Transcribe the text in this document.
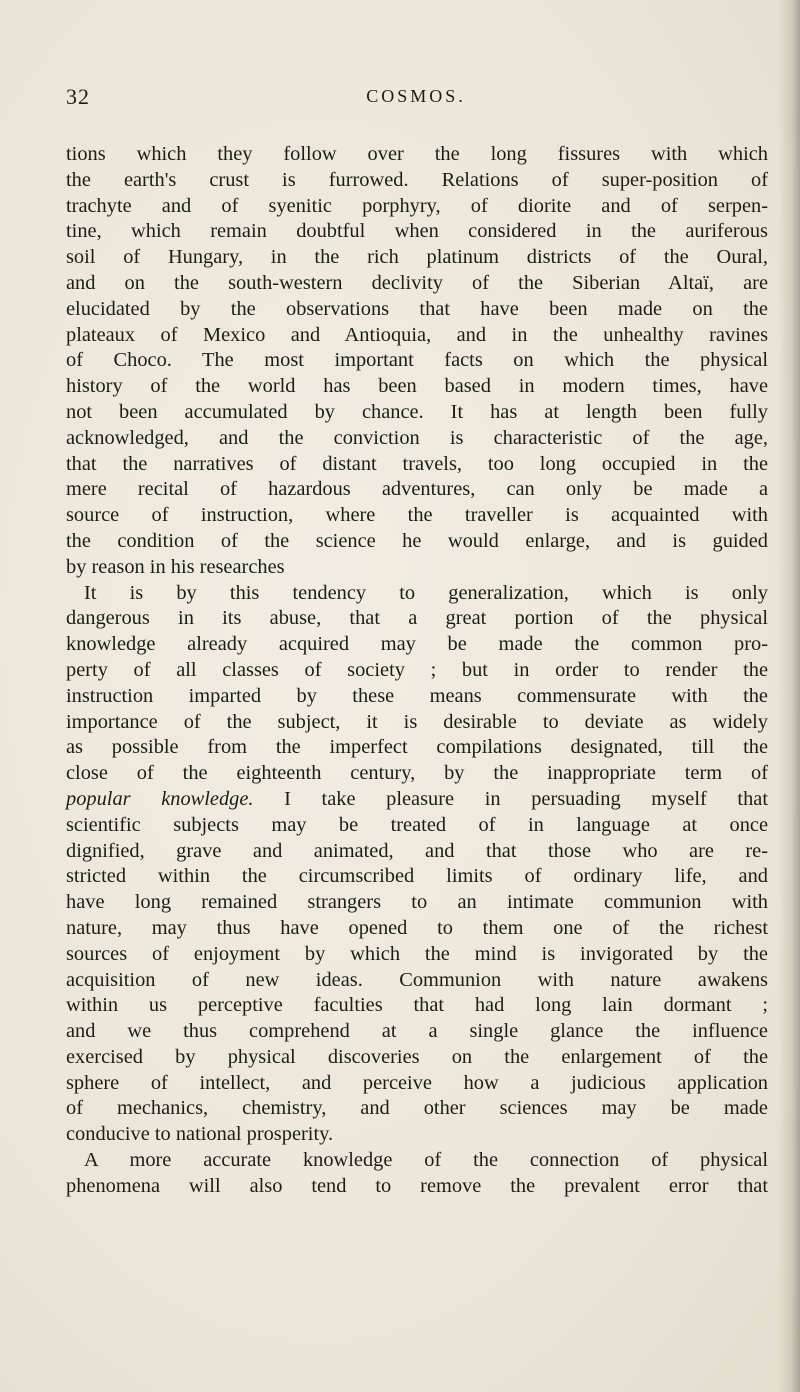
32	COSMOS.
tions which they follow over the long fissures with which
the earth's crust is furrowed. Relations of super-position of
trachyte and of syenitic porphyry, of diorite and of serpen-
tine, which remain doubtful when considered in the auriferous
soil of Hungary, in the rich platinum districts of the Oural,
and on the south-western declivity of the Siberian Altaï, are
elucidated by the observations that have been made on the
plateaux of Mexico and Antioquia, and in the unhealthy ravines
of Choco. The most important facts on which the physical
history of the world has been based in modern times, have
not been accumulated by chance. It has at length been fully
acknowledged, and the conviction is characteristic of the age,
that the narratives of distant travels, too long occupied in the
mere recital of hazardous adventures, can only be made a
source of instruction, where the traveller is acquainted with
the condition of the science he would enlarge, and is guided
by reason in his researches
It is by this tendency to generalization, which is only
dangerous in its abuse, that a great portion of the physical
knowledge already acquired may be made the common pro-
perty of all classes of society ; but in order to render the
instruction imparted by these means commensurate with the
importance of the subject, it is desirable to deviate as widely
as possible from the imperfect compilations designated, till the
close of the eighteenth century, by the inappropriate term of
popular knowledge. I take pleasure in persuading myself that
scientific subjects may be treated of in language at once
dignified, grave and animated, and that those who are re-
stricted within the circumscribed limits of ordinary life, and
have long remained strangers to an intimate communion with
nature, may thus have opened to them one of the richest
sources of enjoyment by which the mind is invigorated by the
acquisition of new ideas. Communion with nature awakens
within us perceptive faculties that had long lain dormant ;
and we thus comprehend at a single glance the influence
exercised by physical discoveries on the enlargement of the
sphere of intellect, and perceive how a judicious application
of mechanics, chemistry, and other sciences may be made
conducive to national prosperity.
A more accurate knowledge of the connection of physical
phenomena will also tend to remove the prevalent error that
